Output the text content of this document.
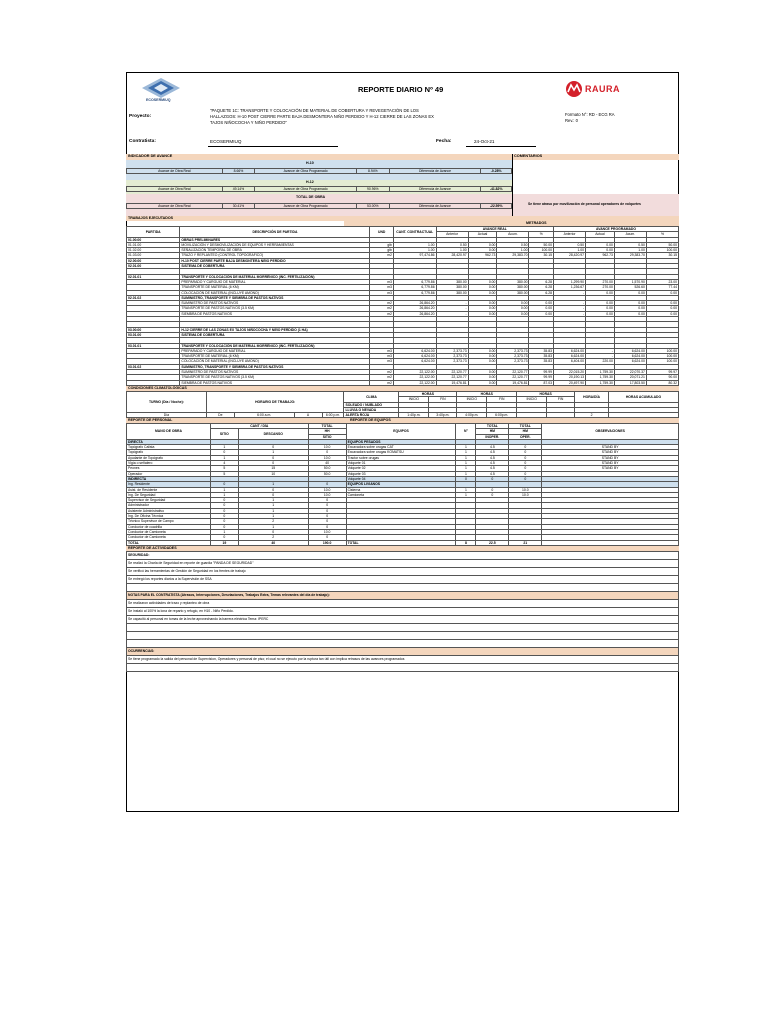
ECOSERMIUQ
REPORTE DIARIO Nº 49	RAURA
Proyecto:
"PAQUETE 1C: TRANSPORTE Y COLOCACIÓN DE MATERIAL DE COBERTURA Y REVEGETACIÓN DE LOS
HALLAZGOS: H-10 POST CIERRE PARTE BAJA DESMONTERA NIÑO PERDIDO Y H-12 CIERRE DE LAS ZONAS EX
TAJOS NIÑOCOCHA Y NIÑO PERDIDO"
Formato N°: RD - ECG RA
Rev.: 0
Contratista:	ECOSERMIUQ	Fecha:	24-Oct-21
INDICADOR DE AVANCE	COMENTARIOS
H-10
Avance de Obra Real	8.66%	Avance de Obra Programado	8.94%	Diferencia de Avance	-0.28%
H-12
Avance de Obra Real	49.14%	Avance de Obra Programado	90.96%	Diferencia de Avance	-41.82%
TOTAL DE OBRA
Avance de Obra Real	30.41%	Avance de Obra Programado	53.00%	Diferencia de Avance	-22.59%	Se tiene atraso por movilización de personal operadores de volquetes
TRABAJOS EJECUTADOS
METRADOS
PARTIDA	DESCRIPCIÓN DE PARTIDA	UND	CANT. CONTRACTUAL	AVANCE REAL				AVANCE PROGRAMADO			
				Anterior	Actual	Acum.	%	Anterior	Actual	Acum.	%
01.00.00	OBRAS PRELIMINARES										
01.01.00	MOVILIZACIÓN Y DESMOVILIZACIÓN DE EQUIPOS Y HERRAMIENTAS	glb	1.00	0.50	0.00	0.50	50.00	0.50	0.00	0.50	50.00
01.02.00	SEÑALIZACIÓN TEMPORAL DE OBRA	glb	1.00	1.00	0.00	1.00	100.00	1.00	0.00	1.00	100.00
01.03.00	TRAZO Y REPLANTEO (CONTROL TOPOGRAFICO)	m2	97,474.86	28,420.97	962.73	29,383.70	30.15	28,420.97	962.73	29,383.70	30.15
02.00.00	H-10 POST CIERRE PARTE BAJA DESMONTERA NIÑO PERDIDO										
02.01.00	SISTEMA DE COBERTURA										

02.01.01	TRANSPORTE Y COLOCACIÓN DE MATERIAL MORRÉNICO (INC. FERTILIZACIÓN)										
	PREPARADO Y CARGUIO DE MATERIAL	m3	6,779.86	380.00	0.00	380.00	6.28	1,299.90	270.00	1,570.90	23.00
	TRANSPORTE DE MATERIAL (6 KM)	m3	6,779.86	380.00	0.00	380.00	6.28	1,236.67	270.00	526.60	77.44
	COLOCACIÓN DE MATERIAL (INCLUYE AMONO)	m3	6,779.86	380.00	0.00	380.00	6.28	-	0.00	0.00	0.00
02.01.02	SUMINISTRO, TRANSPORTE Y SIEMBRA DE PASTOS NATIVOS										
	SUMINISTRO DE PASTOS NATIVOS	m2	26,864.20	-	0.00	0.00	0.00	-	0.00	0.00	0.00
	TRANSPORTE DE PASTOS NATIVOS (3.5 KM)	m2	26,864.20	-	0.00	0.00	0.00	-	0.00	0.00	0.00
	SIEMBRA DE PASTOS NATIVOS	m2	26,864.20	-	0.00	0.00	0.00	-	0.00	0.00	0.00

03.00.00	H-12 CIERRE DE LAS ZONAS EX TAJOS NIÑOCOCHA Y NIÑO PERDIDO (1 HA)										
03.01.00	SISTEMA DE COBERTURA										

03.01.01	TRANSPORTE Y COLOCACIÓN DE MATERIAL MORRÉNICO (INC. FERTILIZACIÓN)										
	PREPARADO Y CARGUIO DE MATERIAL	m3	6,624.00	2,373.73	0.00	2,373.73	35.83	6,624.00	-	6,624.00	100.00
	TRANSPORTE DE MATERIAL (6 KM)	m3	6,624.00	2,373.73	0.00	2,373.73	35.83	6,624.00	-	6,624.00	100.00
	COLOCACIÓN DE MATERIAL (INCLUYE AMONO)	m3	6,624.00	2,373.73	0.00	2,373.73	35.83	6,404.00	220.00	6,624.00	100.00
03.01.02	SUMINISTRO, TRANSPORTE Y SIEMBRA DE PASTOS NATIVOS										
	SUMINISTRO DE PASTOS NATIVOS	m2	22,122.00	22,120.77	0.00	22,120.77	99.99	22,015.20	1,759.30	22,070.37	99.97
	TRANSPORTE DE PASTOS NATIVOS (3.5 KM)	m2	22,122.00	22,120.77	0.00	22,120.77	99.99	20,190.13	1,759.30	20,071.21	90.00
	SIEMBRA DE PASTOS NATIVOS	m2	22,122.00	19,476.81	0.00	19,476.81	87.03	20,497.90	1,759.30	17,803.50	80.32
CONDICIONES CLIMATOLÓGICAS
TURNO (Día / Noche):	HORARIO DE TRABAJO:				CLIMA	HORAS		HORAS		HORAS		HORA/DÍA	HORAS ACUMULADO
						INICIO	FIN	INICIO	FIN	INICIO	FIN		
					SOLEADO / NUBLADO								
					LLUVIA O NEVADA								
Día	De	6:00 a.m.	A	6:00 p.m.	ALERTA ROJA	1:40p.m.	3:40p.m.	4:00p.m.	6:00p.m.			2	
REPORTE DE PERSONAL	REPORTE DE EQUIPOS
MANO DE OBRA	CANT / DÍA		TOTAL	EQUIPOS	N°	TOTAL	TOTAL	OBSERVACIONES
	SITIO	DESCANSO	HH			HM	HM	
			SITIO			INOPER.	OPER.	
DIRECTA				EQUIPOS PESADOS				
Topógrafo Calista	1	0	10.0	Excavadora sobre orugas CAT	1	4.5	0	STAND BY
Topógrafo	0	1	0	Excavadora sobre orugas KOMATSU	1	4.5	0	STAND BY
Ayudante de Topógrafo	1	0	10.0	Tractor sobre orugas	1	4.5	0	STAND BY
Vigía o señalero	4	0	40	Volquete 01	1	4.5	0	STAND BY
Peones	5	15	50.0	Volquete 02	1	4.5	0	STAND BY
Operador	5	10	50.0	Volquete 03	1	4.5	0	
INDIRECTA				Volquete 04	0	0	0	
Ing. Residente	0	1	0	EQUIPOS LIVIANOS				
Asist. de Residente	1	0	10.0	Cisterna	1	0	10.0	
Ing. De Seguridad	1	0	10.0	Camioneta	1	0	10.0	
Supervisor de Seguridad	0	1	0					
Administrador	0	1	0					
Asistente Administrativo	0	1	0					
Ing. De Oficina Técnica	0	1	0					
Técnico Supervisor de Campo	0	2	0					
Conductor de cuadrilla	0	1	0					
Conductor de Camioneta	1	0	10.0					
Conductor de Camioneta	0	2	0					
TOTAL	19	40	190.0	TOTAL	8	22.5	21	
REPORTE DE ACTIVIDADES
SEGURIDAD:
Se realizó la Charla de Seguridad en reporte de guardia "PANDA DE SEGURIDAD"
Se verificó las herramientas de Gestión de Seguridad en los frentes de trabajo
Se entregó los reportes diarios a la Supervisión de SSA

NOTAS PARA EL CONTRATISTA (Atrasos, Interrupciones, Desviaciones, Trabajos Extra, Temas relevantes del día de trabajo):
Se realizaron actividades de trazo y replanteo de obra
Se instaló al 100% la lona de reparto y refugio, en H10 - Niño Perdido.
Se capacitó al personal en tomas de la leche aprovechando la barrera eléctrica Tema: IPERC

OCURRENCIAS:
Se tiene programado la salida del personal de Supervision, Operadores y personal de piso; el cual no se ejecuto por la ruptura tan útil con implica retrasos de las avances programados
